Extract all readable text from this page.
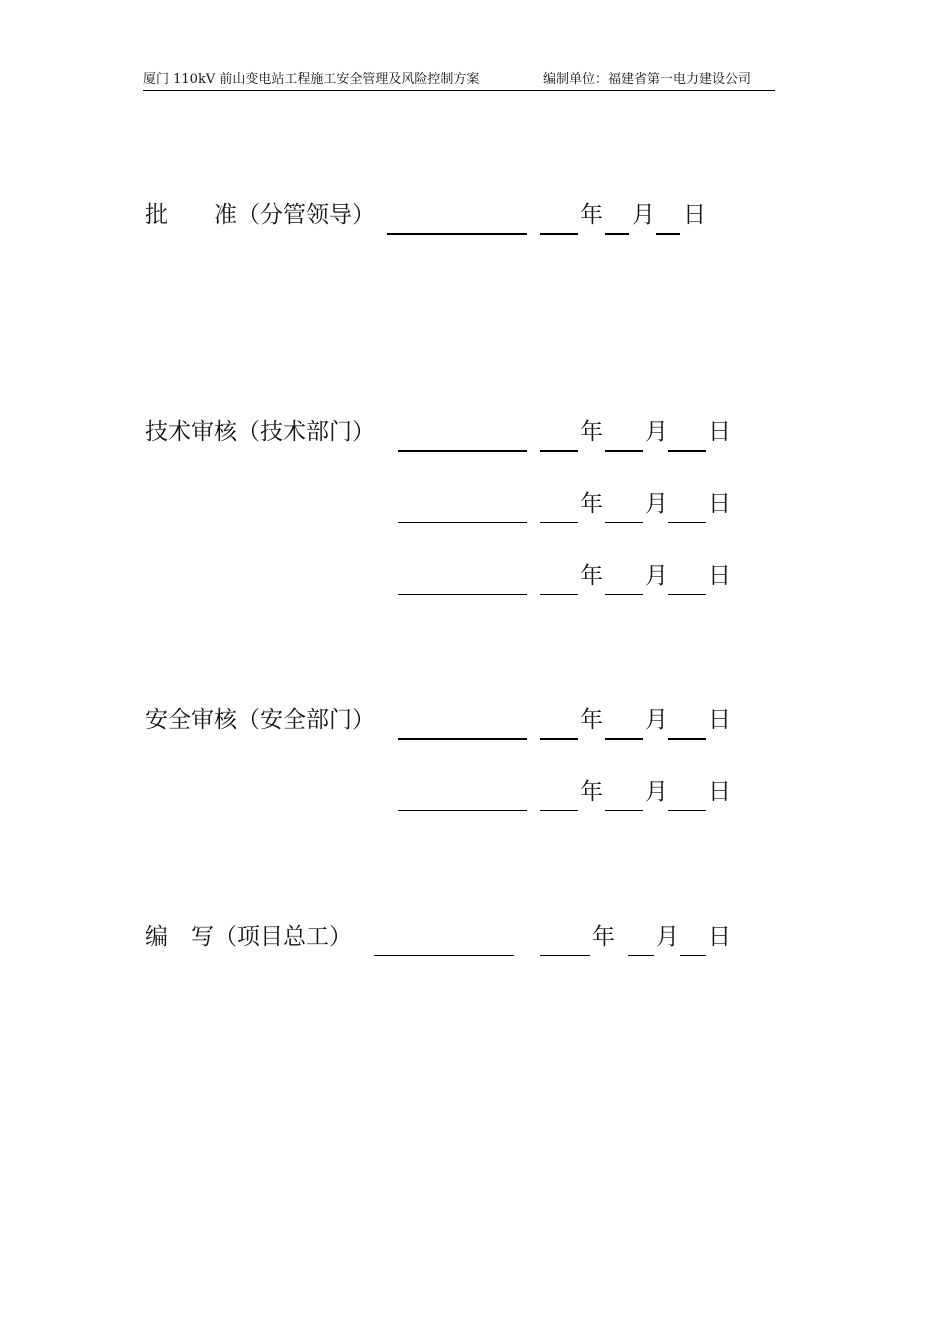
厦门 110kV 前山变电站工程施工安全管理及风险控制方案	编制单位：福建省第一电力建设公司
批　　准（分管领导）	年 月 日
技术审核（技术部门）	年 月 日
年 月 日
年 月 日
安全审核（安全部门）	年 月 日
年 月 日
编　写（项目总工）	年 月 日
